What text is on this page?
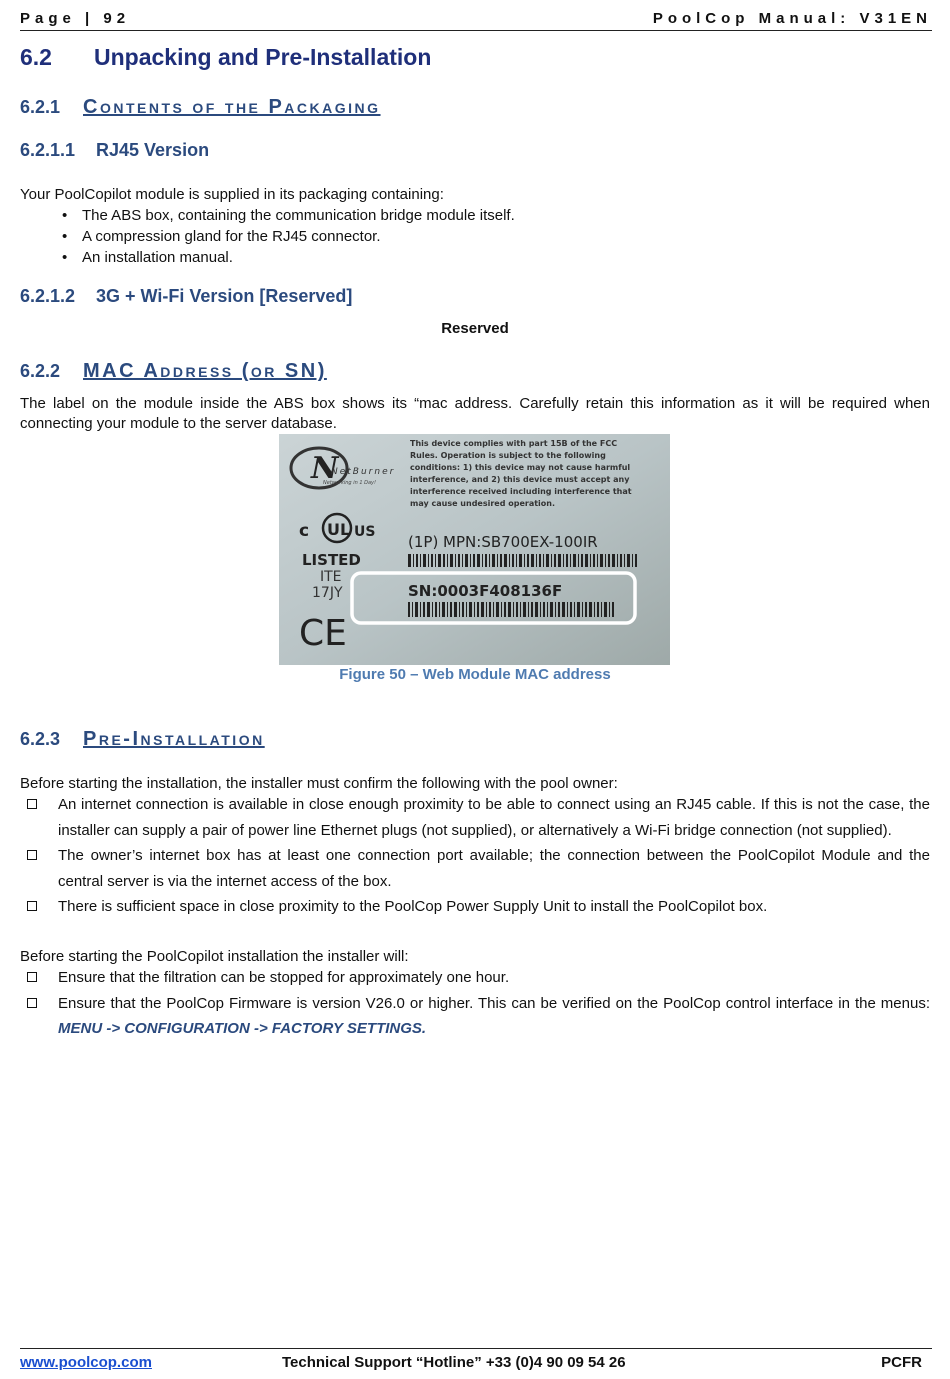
Page | 92	PoolCop Manual: V31EN
6.2 Unpacking and Pre-Installation
6.2.1 Contents of the Packaging
6.2.1.1 RJ45 Version
Your PoolCopilot module is supplied in its packaging containing:
• The ABS box, containing the communication bridge module itself.
• A compression gland for the RJ45 connector.
• An installation manual.
6.2.1.2 3G + Wi-Fi Version [Reserved]
Reserved
6.2.2 MAC Address (or SN)
The label on the module inside the ABS box shows its “mac address. Carefully retain this information as it will be required when connecting your module to the server database.
N
NetBurner
Networking in 1 Day!
This device complies with part 15B of the FCC
Rules. Operation is subject to the following
conditions: 1) this device may not cause harmful
interference, and 2) this device must accept any
interference received including interference that
may cause undesired operation.
UL
c	US
LISTED
ITE
17JY
CE
(1P) MPN:SB700EX-100IR
SN:0003F408136F
Figure 50 – Web Module MAC address
6.2.3 Pre-Installation
Before starting the installation, the installer must confirm the following with the pool owner:
An internet connection is available in close enough proximity to be able to connect using an RJ45 cable. If this is not the case, the installer can supply a pair of power line Ethernet plugs (not supplied), or alternatively a Wi-Fi bridge connection (not supplied).
The owner’s internet box has at least one connection port available; the connection between the PoolCopilot Module and the central server is via the internet access of the box.
There is sufficient space in close proximity to the PoolCop Power Supply Unit to install the PoolCopilot box.
Before starting the PoolCopilot installation the installer will:
Ensure that the filtration can be stopped for approximately one hour.
Ensure that the PoolCop Firmware is version V26.0 or higher. This can be verified on the PoolCop control interface in the menus: MENU -> CONFIGURATION -> FACTORY SETTINGS.
www.poolcop.com	Technical Support “Hotline” +33 (0)4 90 09 54 26	PCFR
